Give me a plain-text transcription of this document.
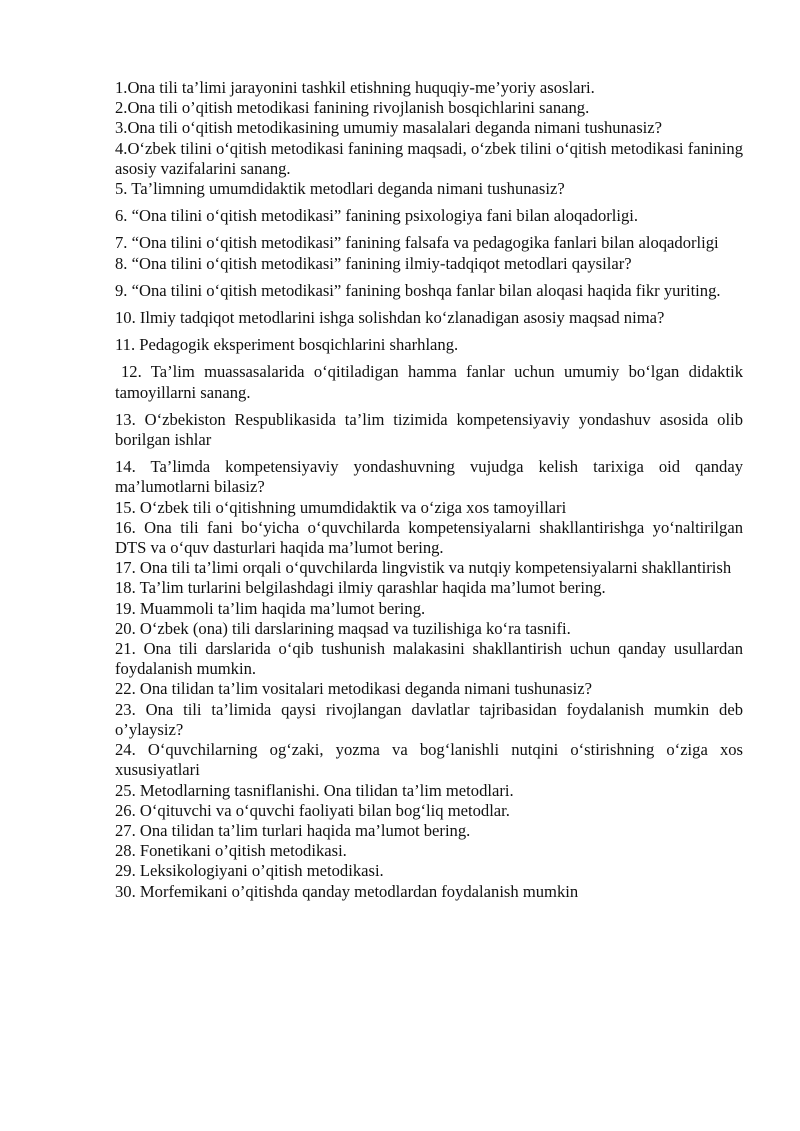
1.Ona tili ta’limi jarayonini tashkil etishning huquqiy-me’yoriy asoslari.

2.Ona tili o’qitish metodikasi fanining rivojlanish bosqichlarini sanang.

3.Ona tili o‘qitish metodikasining umumiy masalalari deganda nimani tushunasiz?

4.O‘zbek tilini o‘qitish metodikasi fanining maqsadi, o‘zbek tilini o‘qitish metodikasi fanining asosiy vazifalarini sanang.

5. Ta’limning umumdidaktik metodlari deganda nimani tushunasiz?

6. “Ona tilini o‘qitish metodikasi” fanining psixologiya fani bilan aloqadorligi.

7. “Ona tilini o‘qitish metodikasi” fanining falsafa va pedagogika fanlari bilan aloqadorligi

8. “Ona tilini o‘qitish metodikasi” fanining ilmiy-tadqiqot metodlari qaysilar?

9. “Ona tilini o‘qitish metodikasi” fanining boshqa fanlar bilan aloqasi haqida fikr yuriting.

10. Ilmiy tadqiqot metodlarini ishga solishdan ko‘zlanadigan asosiy maqsad nima?

11. Pedagogik eksperiment bosqichlarini sharhlang.

12. Ta’lim muassasalarida o‘qitiladigan hamma fanlar uchun umumiy bo‘lgan didaktik tamoyillarni sanang.

13. O‘zbekiston Respublikasida ta’lim tizimida kompetensiyaviy yondashuv asosida olib borilgan ishlar

14. Ta’limda kompetensiyaviy yondashuvning vujudga kelish tarixiga oid qanday ma’lumotlarni bilasiz?

15. O‘zbek tili o‘qitishning umumdidaktik va o‘ziga xos tamoyillari

16. Ona tili fani bo‘yicha o‘quvchilarda kompetensiyalarni shakllantirishga yo‘naltirilgan DTS va o‘quv dasturlari haqida ma’lumot bering.

17. Ona tili ta’limi orqali o‘quvchilarda lingvistik va nutqiy kompetensiyalarni shakllantirish

18. Ta’lim turlarini belgilashdagi ilmiy qarashlar haqida ma’lumot bering.

19. Muammoli ta’lim haqida ma’lumot bering.

20. O‘zbek (ona) tili darslarining maqsad va tuzilishiga ko‘ra tasnifi.

21. Ona tili darslarida o‘qib tushunish malakasini shakllantirish uchun qanday usullardan foydalanish mumkin.

22. Ona tilidan ta’lim vositalari metodikasi deganda nimani tushunasiz?

23. Ona tili ta’limida qaysi rivojlangan davlatlar tajribasidan foydalanish mumkin deb o’ylaysiz?

24. O‘quvchilarning og‘zaki, yozma va bog‘lanishli nutqini o‘stirishning o‘ziga xos xususiyatlari

25. Metodlarning tasniflanishi. Ona tilidan ta’lim metodlari.

26. O‘qituvchi va o‘quvchi faoliyati bilan bog‘liq metodlar.

27. Ona tilidan ta’lim turlari haqida ma’lumot bering.

28. Fonetikani o’qitish metodikasi.

29. Leksikologiyani o’qitish metodikasi.

30. Morfemikani o’qitishda qanday metodlardan foydalanish mumkin
